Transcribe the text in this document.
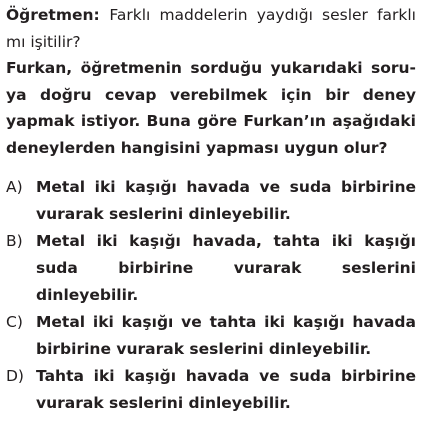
Öğretmen: Farklı maddelerin yaydığı sesler farklı mı işitilir?
Furkan, öğretmenin sorduğu yukarıdaki soru-ya doğru cevap verebilmek için bir deney yapmak istiyor. Buna göre Furkan’ın aşağıdaki deneylerden hangisini yapması uygun olur?
A) Metal iki kaşığı havada ve suda birbirine vurarak seslerini dinleyebilir.
B) Metal iki kaşığı havada, tahta iki kaşığı suda birbirine vurarak seslerini dinleyebilir.
C) Metal iki kaşığı ve tahta iki kaşığı havada birbirine vurarak seslerini dinleyebilir.
D) Tahta iki kaşığı havada ve suda birbirine vurarak seslerini dinleyebilir.
